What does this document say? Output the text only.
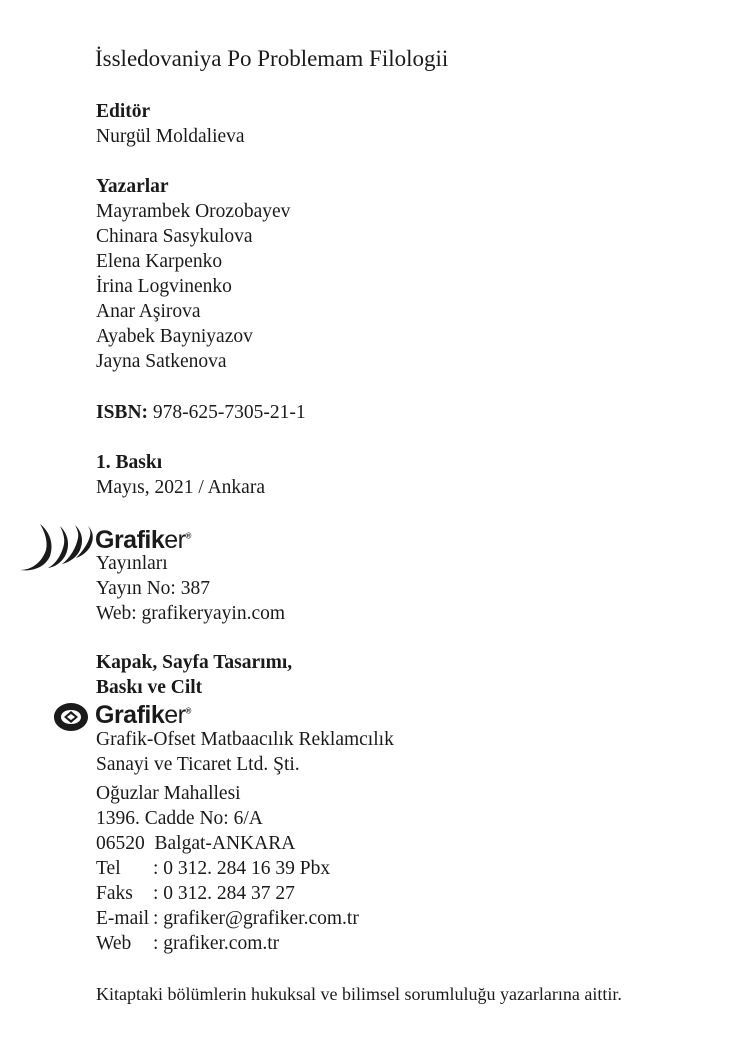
İssledovaniya Po Problemam Filologii
Editör
Nurgül Moldalieva
Yazarlar
Mayrambek Orozobayev
Chinara Sasykulova
Elena Karpenko
İrina Logvinenko
Anar Aşirova
Ayabek Bayniyazov
Jayna Satkenova
ISBN: 978-625-7305-21-1
1. Baskı
Mayıs, 2021 / Ankara
Grafiker®
Yayınları
Yayın No: 387
Web: grafikeryayin.com
Kapak, Sayfa Tasarımı,
Baskı ve Cilt
Grafiker®
Grafik-Ofset Matbaacılık Reklamcılık
Sanayi ve Ticaret Ltd. Şti.
Oğuzlar Mahallesi
1396. Cadde No: 6/A
06520  Balgat-ANKARA
Tel	: 0 312. 284 16 39 Pbx
Faks	: 0 312. 284 37 27
E-mail : grafiker@grafiker.com.tr
Web	: grafiker.com.tr
Kitaptaki bölümlerin hukuksal ve bilimsel sorumluluğu yazarlarına aittir.
